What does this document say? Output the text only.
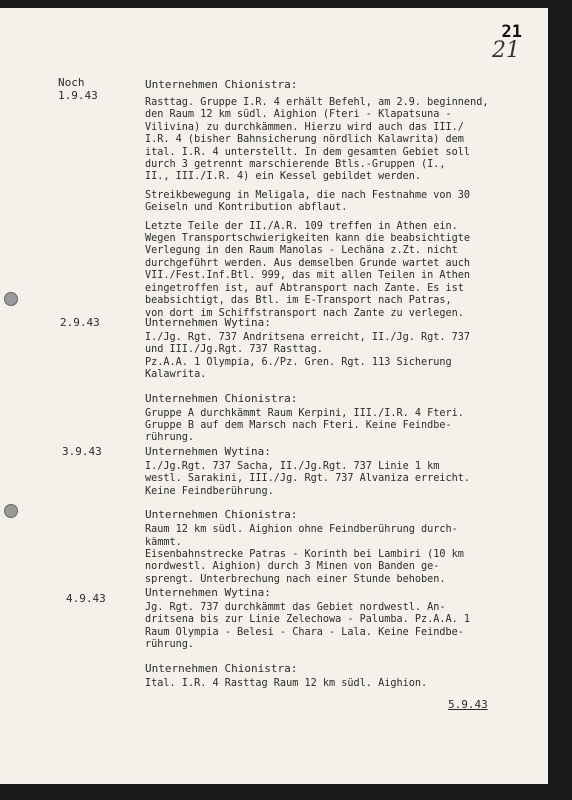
21
21
Noch
1.9.43
Unternehmen Chionistra:
Rasttag. Gruppe I.R. 4 erhält Befehl, am 2.9. beginnend,
den Raum 12 km südl. Aighion (Fteri - Klapatsuna -
Vilivina) zu durchkämmen. Hierzu wird auch das III./
I.R. 4 (bisher Bahnsicherung nördlich Kalawrita) dem
ital. I.R. 4 unterstellt. In dem gesamten Gebiet soll
durch 3 getrennt marschierende Btls.-Gruppen (I.,
II., III./I.R. 4) ein Kessel gebildet werden.
Streikbewegung in Meligala, die nach Festnahme von 30
Geiseln und Kontribution abflaut.
Letzte Teile der II./A.R. 109 treffen in Athen ein.
Wegen Transportschwierigkeiten kann die beabsichtigte
Verlegung in den Raum Manolas - Lechäna z.Zt. nicht
durchgeführt werden. Aus demselben Grunde wartet auch
VII./Fest.Inf.Btl. 999, das mit allen Teilen in Athen
eingetroffen ist, auf Abtransport nach Zante. Es ist
beabsichtigt, das Btl. im E-Transport nach Patras,
von dort im Schiffstransport nach Zante zu verlegen.
2.9.43	Unternehmen Wytina:
I./Jg. Rgt. 737 Andritsena erreicht, II./Jg. Rgt. 737
und III./Jg.Rgt. 737 Rasttag.
Pz.A.A. 1 Olympia, 6./Pz. Gren. Rgt. 113 Sicherung
Kalawrita.
Unternehmen Chionistra:
Gruppe A durchkämmt Raum Kerpini, III./I.R. 4 Fteri.
Gruppe B auf dem Marsch nach Fteri. Keine Feindbe-
rührung.
3.9.43	Unternehmen Wytina:
I./Jg.Rgt. 737 Sacha, II./Jg.Rgt. 737 Linie 1 km
westl. Sarakini, III./Jg. Rgt. 737 Alvaniza erreicht.
Keine Feindberührung.
Unternehmen Chionistra:
Raum 12 km südl. Aighion ohne Feindberührung durch-
kämmt.
Eisenbahnstrecke Patras - Korinth bei Lambiri (10 km
nordwestl. Aighion) durch 3 Minen von Banden ge-
sprengt. Unterbrechung nach einer Stunde behoben.
4.9.43	Unternehmen Wytina:
Jg. Rgt. 737 durchkämmt das Gebiet nordwestl. An-
dritsena bis zur Linie Zelechowa - Palumba. Pz.A.A. 1
Raum Olympia - Belesi - Chara - Lala. Keine Feindbe-
rührung.
Unternehmen Chionistra:
Ital. I.R. 4 Rasttag Raum 12 km südl. Aighion.
5.9.43
